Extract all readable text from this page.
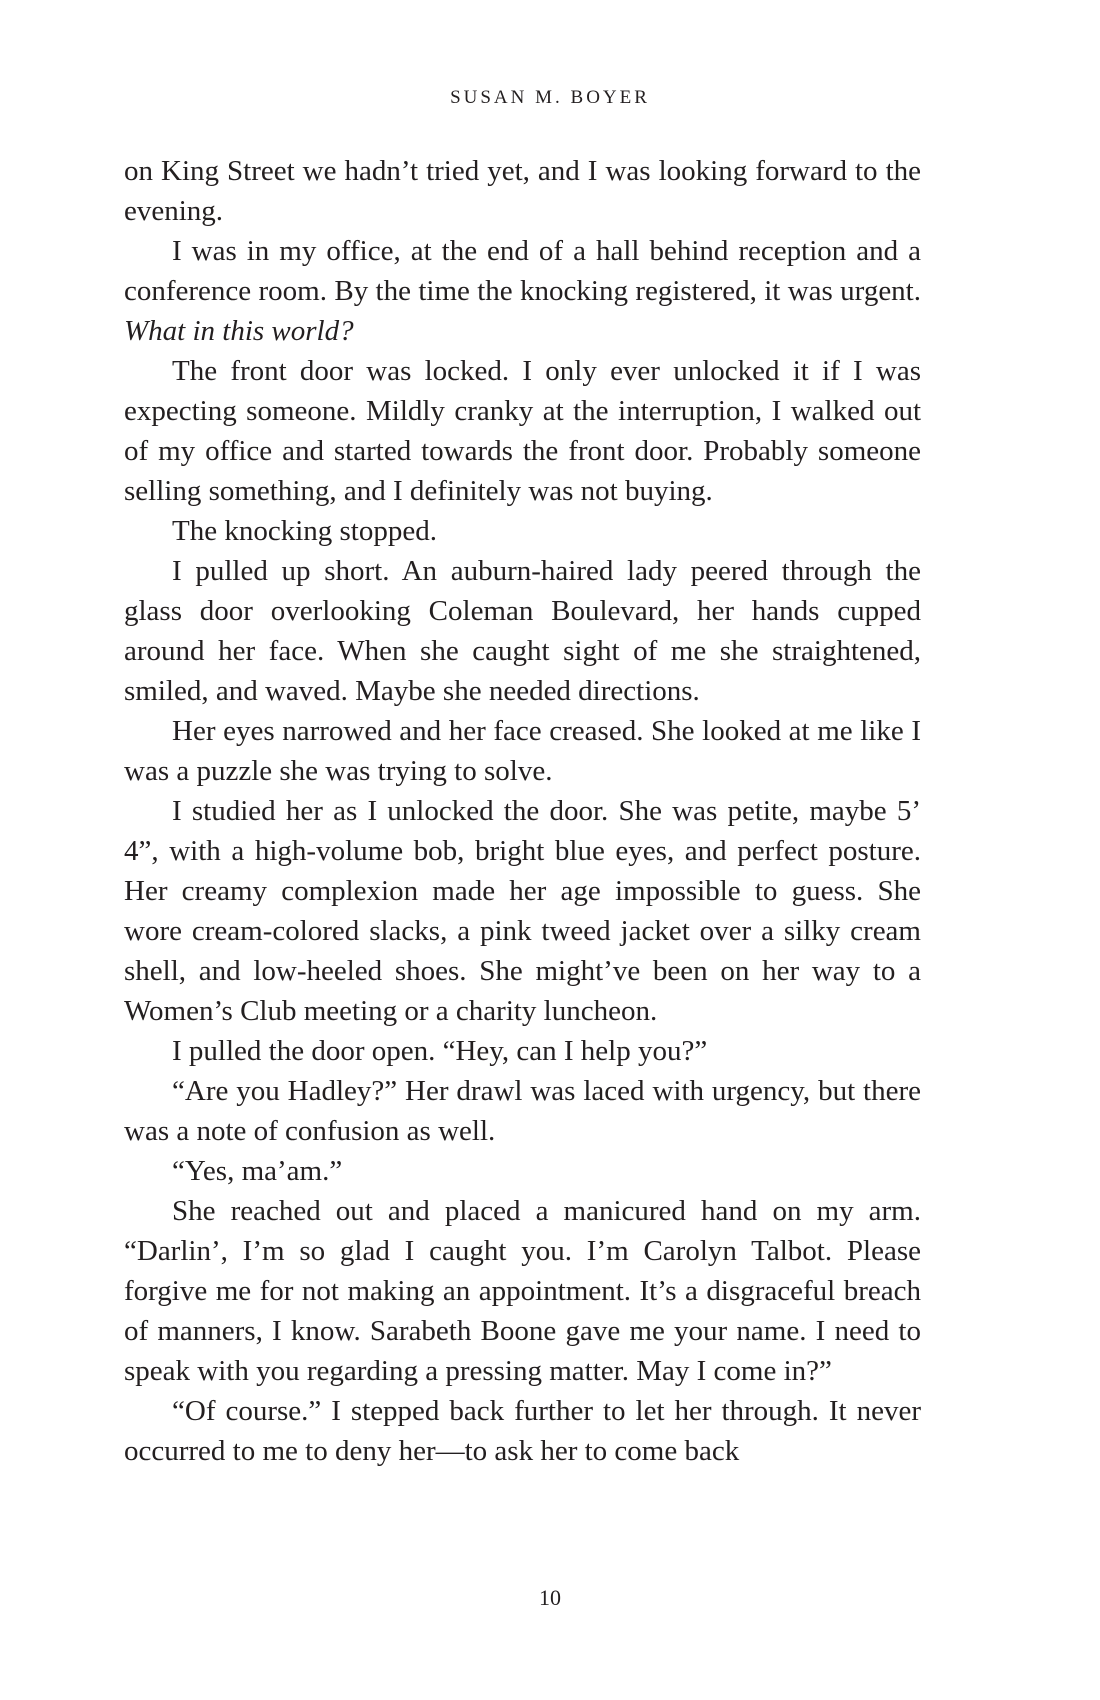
SUSAN M. BOYER

on King Street we hadn’t tried yet, and I was looking forward to the evening.

I was in my office, at the end of a hall behind reception and a conference room. By the time the knocking registered, it was urgent. What in this world?

The front door was locked. I only ever unlocked it if I was expecting someone. Mildly cranky at the interruption, I walked out of my office and started towards the front door. Probably someone selling something, and I definitely was not buying.

The knocking stopped.

I pulled up short. An auburn-haired lady peered through the glass door overlooking Coleman Boulevard, her hands cupped around her face. When she caught sight of me she straightened, smiled, and waved. Maybe she needed directions.

Her eyes narrowed and her face creased. She looked at me like I was a puzzle she was trying to solve.

I studied her as I unlocked the door. She was petite, maybe 5’ 4”, with a high-volume bob, bright blue eyes, and perfect posture. Her creamy complexion made her age impossible to guess. She wore cream-colored slacks, a pink tweed jacket over a silky cream shell, and low-heeled shoes. She might’ve been on her way to a Women’s Club meeting or a charity luncheon.

I pulled the door open. “Hey, can I help you?”

“Are you Hadley?” Her drawl was laced with urgency, but there was a note of confusion as well.

“Yes, ma’am.”

She reached out and placed a manicured hand on my arm. “Darlin’, I’m so glad I caught you. I’m Carolyn Talbot. Please forgive me for not making an appointment. It’s a disgraceful breach of manners, I know. Sarabeth Boone gave me your name. I need to speak with you regarding a pressing matter. May I come in?”

“Of course.” I stepped back further to let her through. It never occurred to me to deny her—to ask her to come back

10
